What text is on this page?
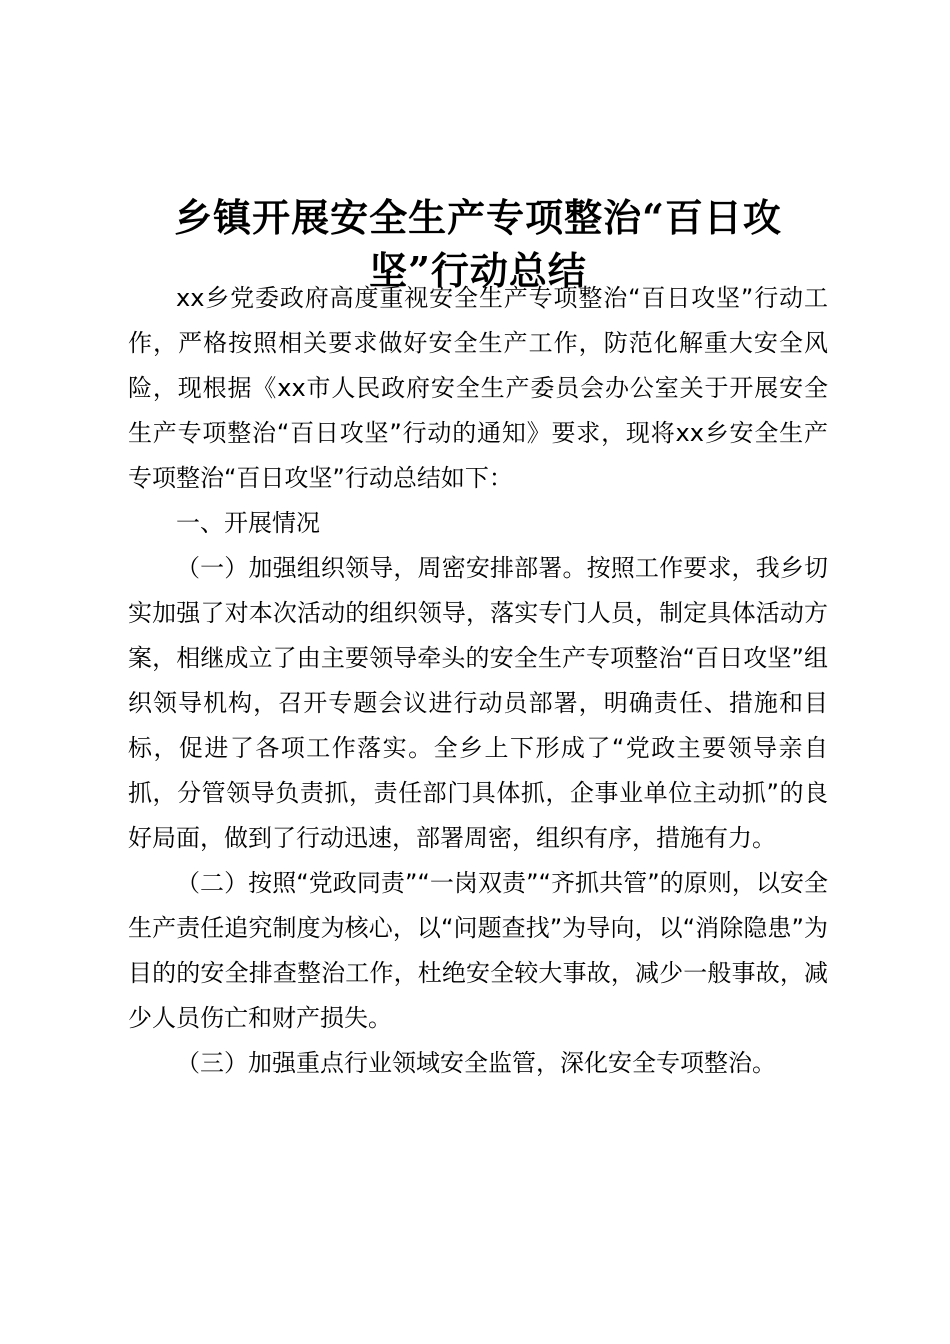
乡镇开展安全生产专项整治“百日攻
坚”行动总结

xx乡党委政府高度重视安全生产专项整治“百日攻坚”行动工作，严格按照相关要求做好安全生产工作，防范化解重大安全风险，现根据《xx市人民政府安全生产委员会办公室关于开展安全生产专项整治“百日攻坚”行动的通知》要求，现将xx乡安全生产专项整治“百日攻坚”行动总结如下：

一、开展情况

（一）加强组织领导，周密安排部署。按照工作要求，我乡切实加强了对本次活动的组织领导，落实专门人员，制定具体活动方案，相继成立了由主要领导牵头的安全生产专项整治“百日攻坚”组织领导机构，召开专题会议进行动员部署，明确责任、措施和目标，促进了各项工作落实。全乡上下形成了“党政主要领导亲自抓，分管领导负责抓，责任部门具体抓，企事业单位主动抓”的良好局面，做到了行动迅速，部署周密，组织有序，措施有力。

（二）按照“党政同责”“一岗双责”“齐抓共管”的原则，以安全生产责任追究制度为核心，以“问题查找”为导向，以“消除隐患”为目的的安全排查整治工作，杜绝安全较大事故，减少一般事故，减少人员伤亡和财产损失。

（三）加强重点行业领域安全监管，深化安全专项整治。
